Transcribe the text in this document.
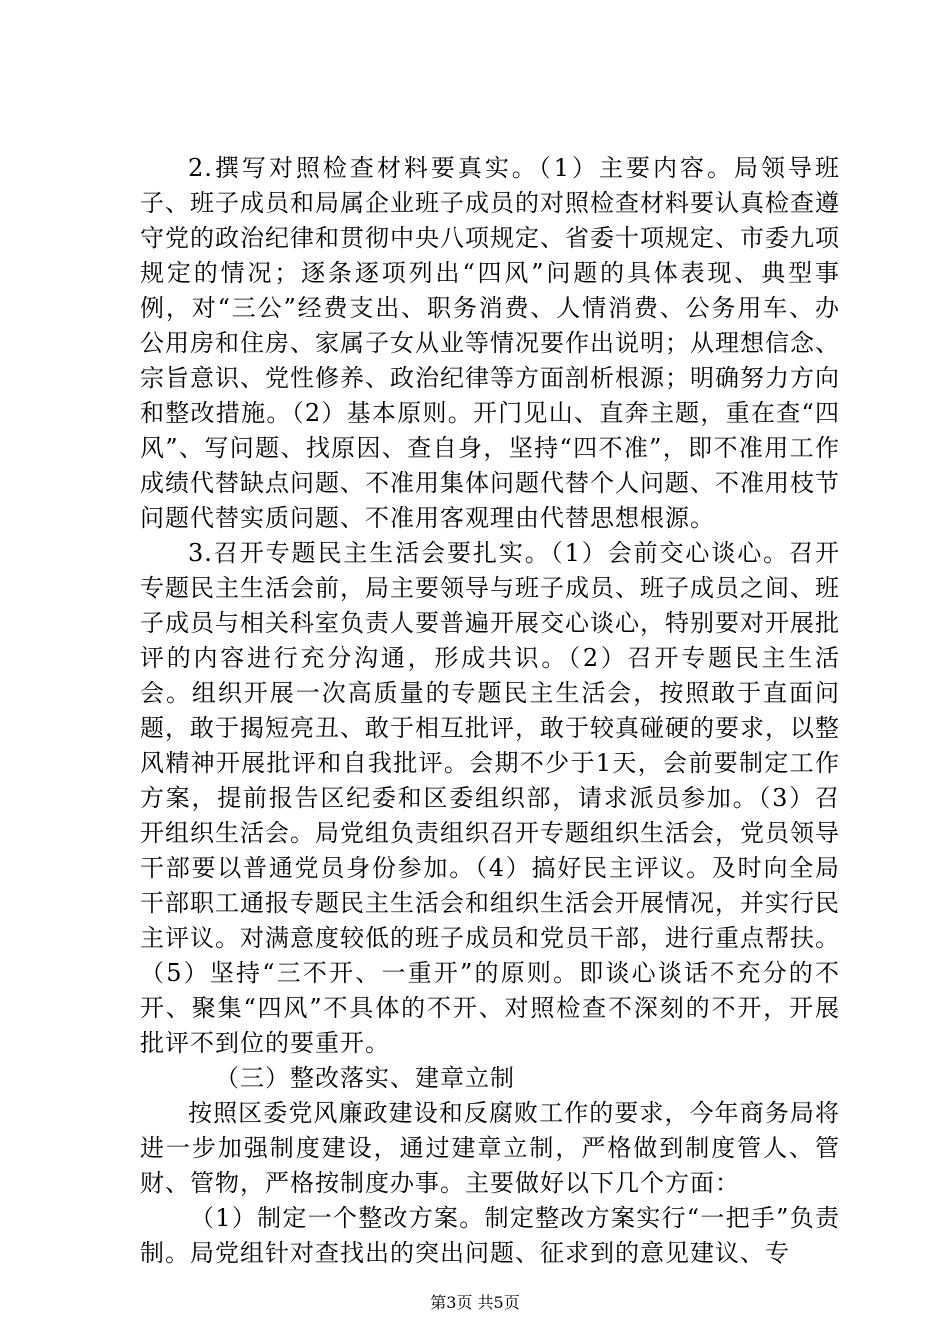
2.撰写对照检查材料要真实。（1）主要内容。局领导班子、班子成员和局属企业班子成员的对照检查材料要认真检查遵守党的政治纪律和贯彻中央八项规定、省委十项规定、市委九项规定的情况；逐条逐项列出“四风”问题的具体表现、典型事例，对“三公”经费支出、职务消费、人情消费、公务用车、办公用房和住房、家属子女从业等情况要作出说明；从理想信念、宗旨意识、党性修养、政治纪律等方面剖析根源；明确努力方向和整改措施。（2）基本原则。开门见山、直奔主题，重在查“四风”、写问题、找原因、查自身，坚持“四不准”，即不准用工作成绩代替缺点问题、不准用集体问题代替个人问题、不准用枝节问题代替实质问题、不准用客观理由代替思想根源。

3.召开专题民主生活会要扎实。（1）会前交心谈心。召开专题民主生活会前，局主要领导与班子成员、班子成员之间、班子成员与相关科室负责人要普遍开展交心谈心，特别要对开展批评的内容进行充分沟通，形成共识。（2）召开专题民主生活会。组织开展一次高质量的专题民主生活会，按照敢于直面问题，敢于揭短亮丑、敢于相互批评，敢于较真碰硬的要求，以整风精神开展批评和自我批评。会期不少于1天，会前要制定工作方案，提前报告区纪委和区委组织部，请求派员参加。（3）召开组织生活会。局党组负责组织召开专题组织生活会，党员领导干部要以普通党员身份参加。（4）搞好民主评议。及时向全局干部职工通报专题民主生活会和组织生活会开展情况，并实行民主评议。对满意度较低的班子成员和党员干部，进行重点帮扶。（5）坚持“三不开、一重开”的原则。即谈心谈话不充分的不开、聚集“四风”不具体的不开、对照检查不深刻的不开，开展批评不到位的要重开。

（三）整改落实、建章立制

按照区委党风廉政建设和反腐败工作的要求，今年商务局将进一步加强制度建设，通过建章立制，严格做到制度管人、管财、管物，严格按制度办事。主要做好以下几个方面：

（1）制定一个整改方案。制定整改方案实行“一把手”负责制。局党组针对查找出的突出问题、征求到的意见建议、专

第3页 共5页
